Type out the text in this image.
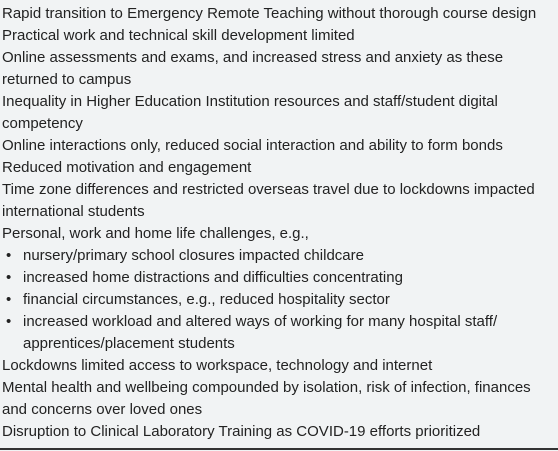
Rapid transition to Emergency Remote Teaching without thorough course design
Practical work and technical skill development limited
Online assessments and exams, and increased stress and anxiety as these returned to campus
Inequality in Higher Education Institution resources and staff/student digital competency
Online interactions only, reduced social interaction and ability to form bonds
Reduced motivation and engagement
Time zone differences and restricted overseas travel due to lockdowns impacted international students
Personal, work and home life challenges, e.g.,
• nursery/primary school closures impacted childcare
• increased home distractions and difficulties concentrating
• financial circumstances, e.g., reduced hospitality sector
• increased workload and altered ways of working for many hospital staff/ apprentices/placement students
Lockdowns limited access to workspace, technology and internet
Mental health and wellbeing compounded by isolation, risk of infection, finances and concerns over loved ones
Disruption to Clinical Laboratory Training as COVID-19 efforts prioritized
